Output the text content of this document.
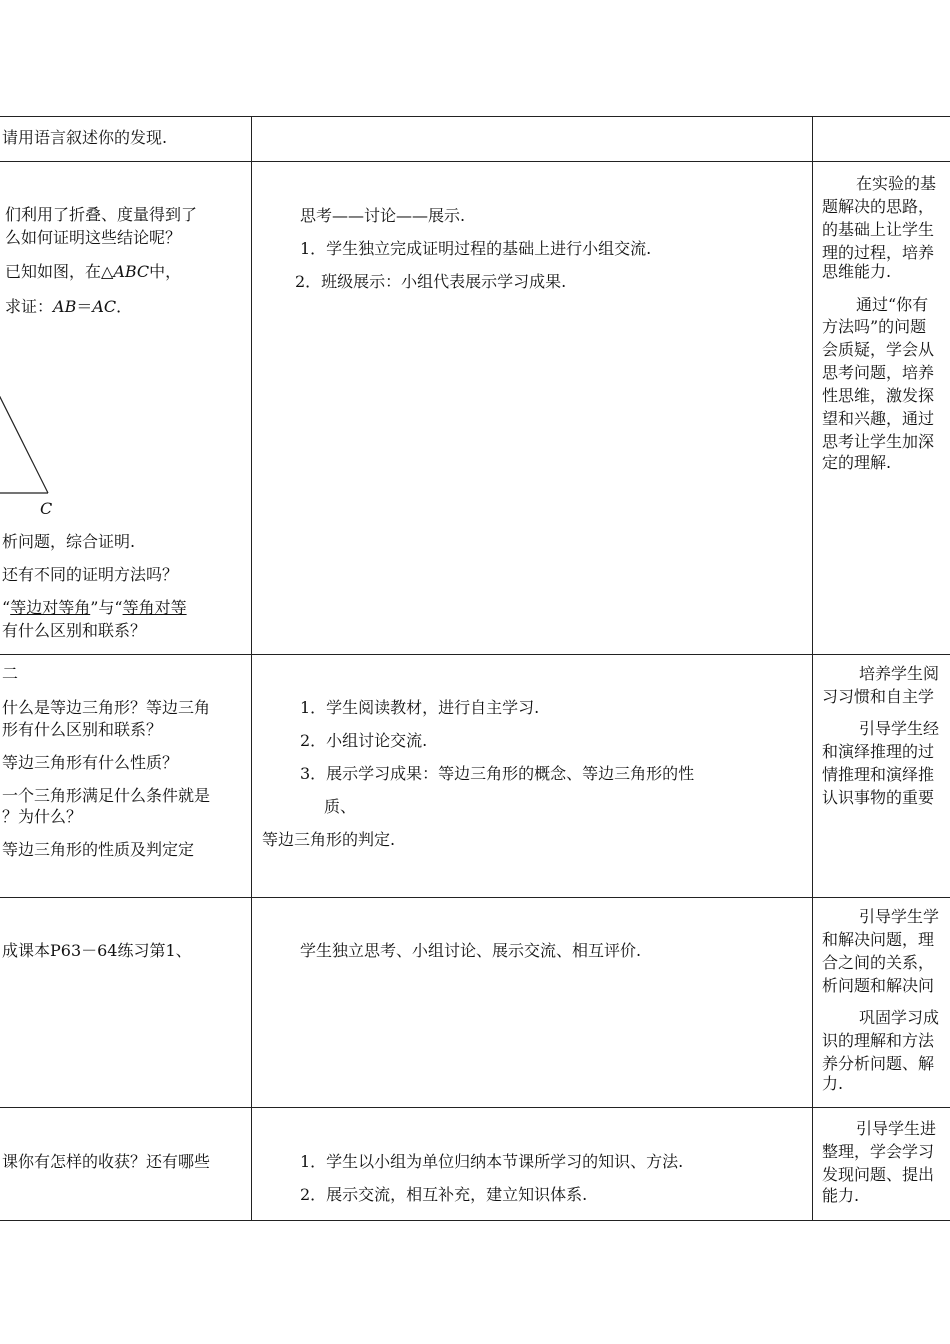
请用语言叙述你的发现.
们利用了折叠、度量得到了
么如何证明这些结论呢？
已知如图，在△ABC中，
求证：AB＝AC．
C
析问题，综合证明.
还有不同的证明方法吗？
“等边对等角”与“等角对等
有什么区别和联系？
思考——讨论——展示.
1．学生独立完成证明过程的基础上进行小组交流.
2．班级展示：小组代表展示学习成果.
在实验的基
题解决的思路，
的基础上让学生
理的过程，培养
思维能力.
通过“你有
方法吗”的问题
会质疑，学会从
思考问题，培养
性思维，激发探
望和兴趣，通过
思考让学生加深
定的理解.
二
什么是等边三角形？等边三角
形有什么区别和联系？
等边三角形有什么性质？
一个三角形满足什么条件就是
？为什么？
等边三角形的性质及判定定
1．学生阅读教材，进行自主学习.
2．小组讨论交流.
3．展示学习成果：等边三角形的概念、等边三角形的性
质、
等边三角形的判定.
培养学生阅
习习惯和自主学
引导学生经
和演绎推理的过
情推理和演绎推
认识事物的重要
成课本P63－64练习第1、	学生独立思考、小组讨论、展示交流、相互评价.
引导学生学
和解决问题，理
合之间的关系，
析问题和解决问
巩固学习成
识的理解和方法
养分析问题、解
力.
课你有怎样的收获？还有哪些	1．学生以小组为单位归纳本节课所学习的知识、方法.
2．展示交流，相互补充，建立知识体系.
引导学生进
整理，学会学习
发现问题、提出
能力.
